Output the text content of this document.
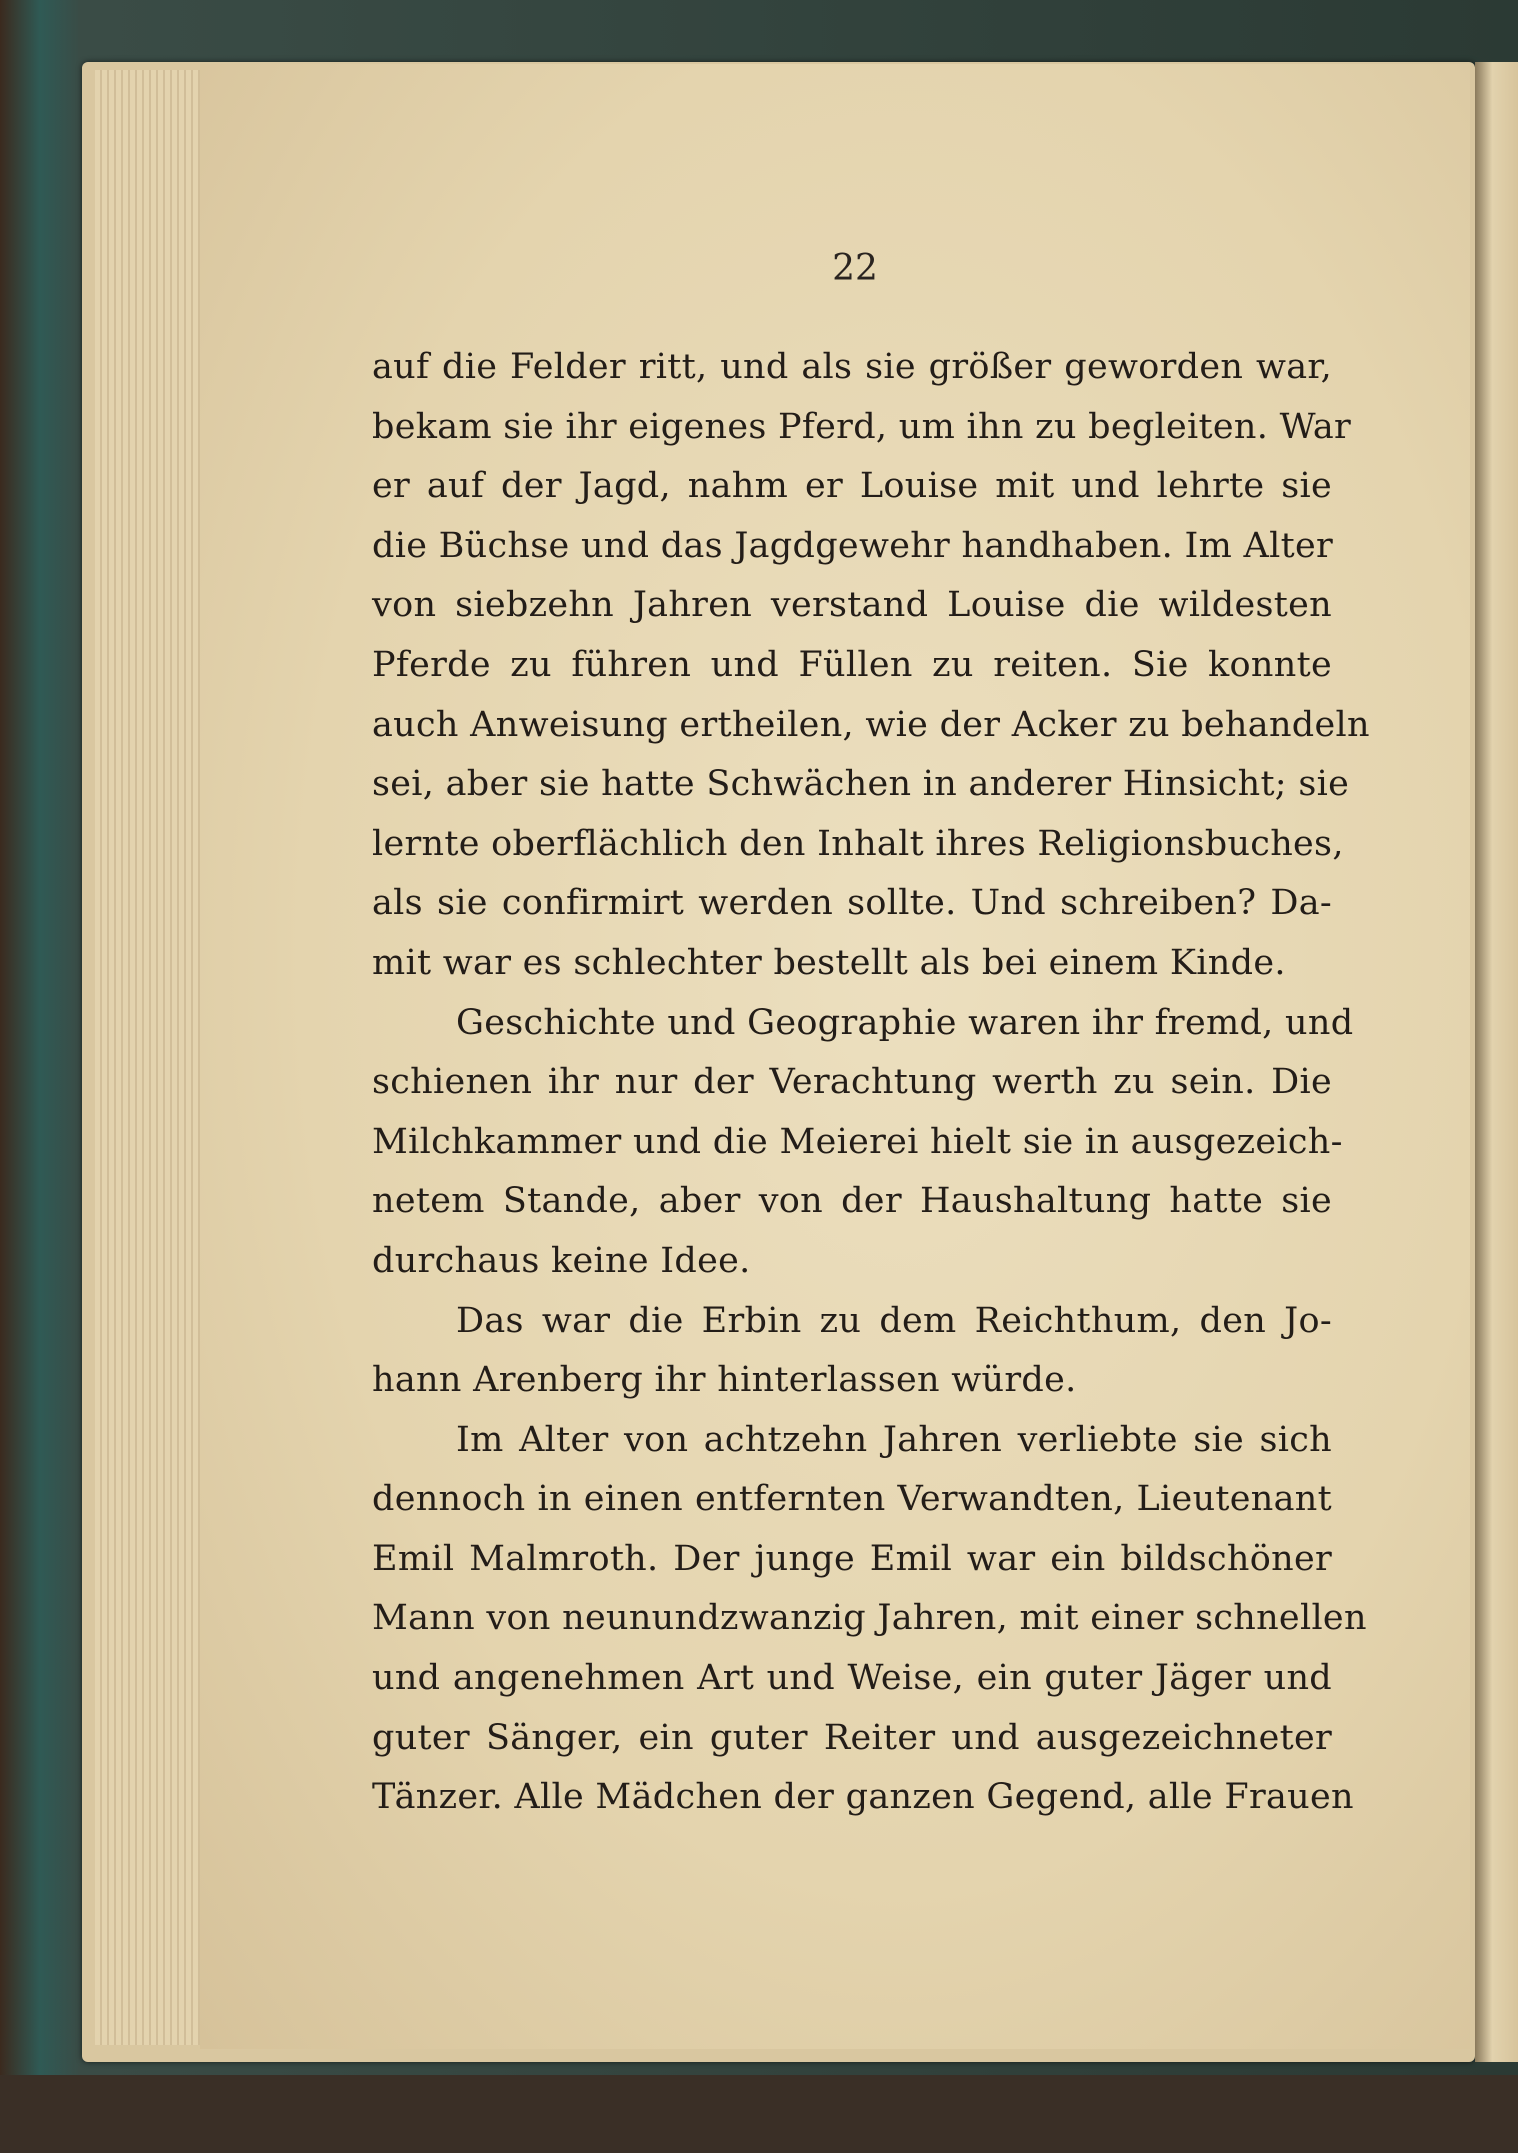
22
auf die Felder ritt, und als sie größer geworden war,
bekam sie ihr eigenes Pferd, um ihn zu begleiten. War
er auf der Jagd, nahm er Louise mit und lehrte sie
die Büchse und das Jagdgewehr handhaben. Im Alter
von siebzehn Jahren verstand Louise die wildesten
Pferde zu führen und Füllen zu reiten. Sie konnte
auch Anweisung ertheilen, wie der Acker zu behandeln
sei, aber sie hatte Schwächen in anderer Hinsicht; sie
lernte oberflächlich den Inhalt ihres Religionsbuches,
als sie confirmirt werden sollte. Und schreiben? Da-
mit war es schlechter bestellt als bei einem Kinde.
Geschichte und Geographie waren ihr fremd, und
schienen ihr nur der Verachtung werth zu sein. Die
Milchkammer und die Meierei hielt sie in ausgezeich-
netem Stande, aber von der Haushaltung hatte sie
durchaus keine Idee.
Das war die Erbin zu dem Reichthum, den Jo-
hann Arenberg ihr hinterlassen würde.
Im Alter von achtzehn Jahren verliebte sie sich
dennoch in einen entfernten Verwandten, Lieutenant
Emil Malmroth. Der junge Emil war ein bildschöner
Mann von neunundzwanzig Jahren, mit einer schnellen
und angenehmen Art und Weise, ein guter Jäger und
guter Sänger, ein guter Reiter und ausgezeichneter
Tänzer. Alle Mädchen der ganzen Gegend, alle Frauen
